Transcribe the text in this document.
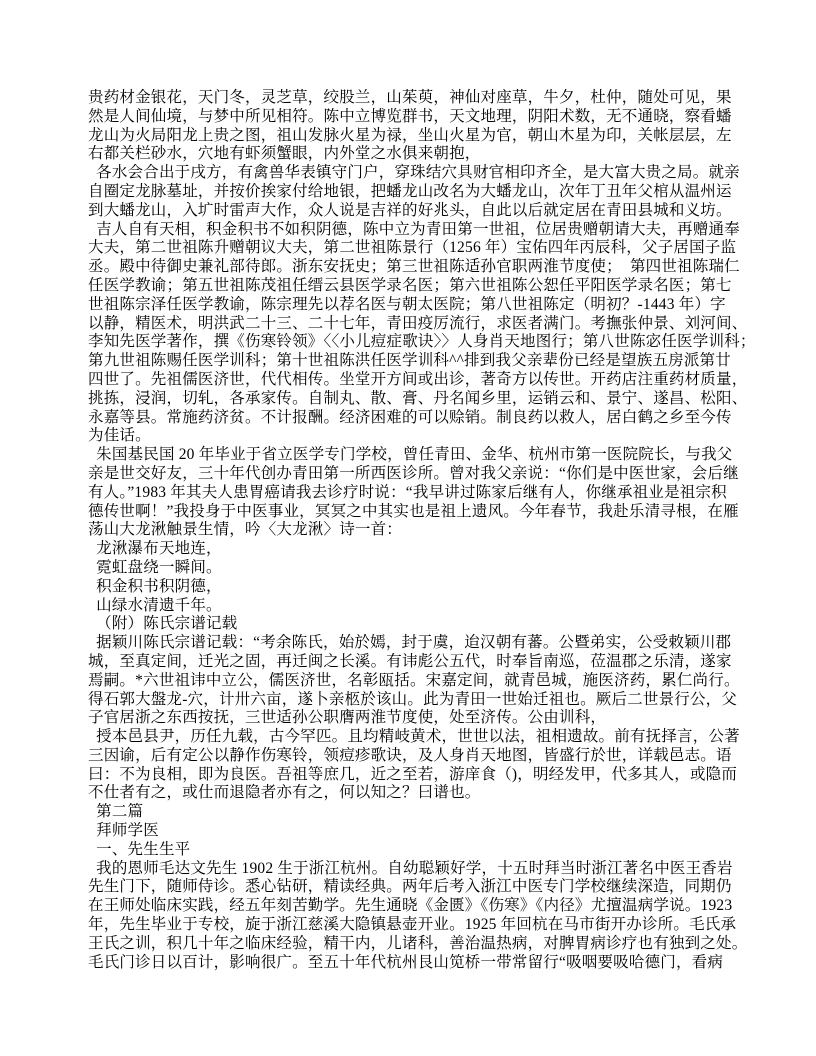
贵药材金银花，天门冬，灵芝草，绞股兰，山茱萸，神仙对座草，牛夕，杜仲，随处可见，果
然是人间仙境，与梦中所见相符。陈中立博览群书，天文地理，阴阳术数，无不通晓，察看蟠
龙山为火局阳龙上贵之图，祖山发脉火星为禄，坐山火星为官，朝山木星为印，关帐层层，左
右都关栏砂水，穴地有虾须蟹眼，内外堂之水俱来朝抱，
各水会合出于戌方，有禽兽华表镇守门户，穿珠结穴具财官相印齐全，是大富大贵之局。就亲
自圈定龙脉墓址，并按价挨家付给地银，把蟠龙山改名为大蟠龙山，次年丁丑年父棺从温州运
到大蟠龙山，入圹时雷声大作，众人说是吉祥的好兆头，自此以后就定居在青田县城和义坊。
吉人自有天相，积金积书不如积阴德，陈中立为青田第一世祖，位居贵赠朝请大夫，再赠通奉
大夫，第二世祖陈升赠朝议大夫，第二世祖陈景行（1256 年）宝佑四年丙辰科，父子居国子监
丞。殿中待御史兼礼部待郎。浙东安抚史；第三世祖陈适孙官职两淮节度使；  第四世祖陈瑞仁
任医学教谕；第五世祖陈茂祖任缙云县医学录名医；第六世祖陈公恕任平阳医学录名医；第七
世祖陈宗泽任医学教谕，陈宗理先以荐名医与朝太医院；第八世祖陈定（明初？-1443 年）字
以静，精医术，明洪武二十三、二十七年，青田疫厉流行，求医者满门。考撫张仲景、刘河间、
李知先医学著作，撰《伤寒铃领》〈〈小儿痘症歌诀〉〉人身肖天地图行；第八世陈宓任医学训科；
第九世祖陈赐任医学训科；第十世祖陈洪任医学训科^^排到我父亲辈份已经是望族五房派第廿
四世了。先祖儒医济世，代代相传。坐堂开方间或出诊，著奇方以传世。开药店注重药材质量，
挑拣，浸润，切轧，各承家传。自制丸、散、膏、丹名闻乡里，运销云和、景宁、遂昌、松阳、
永嘉等县。常施药济贫。不计报酬。经济困难的可以赊销。制良药以救人，居白鹤之乡至今传
为佳话。
朱国基民国 20 年毕业于省立医学专门学校，曾任青田、金华、杭州市第一医院院长，与我父
亲是世交好友，三十年代创办青田第一所西医诊所。曾对我父亲说：“你们是中医世家，会后继
有人。”1983 年其夫人患胃癌请我去诊疗时说：“我早讲过陈家后继有人，你继承祖业是祖宗积
德传世啊！”我投身于中医事业，冥冥之中其实也是祖上遗风。今年春节，我赴乐清寻根，在雁
荡山大龙湫触景生情，吟〈大龙湫〉诗一首：
龙湫瀑布天地连，
霓虹盘绕一瞬间。
积金积书积阴德，
山绿水清遗千年。
（附）陈氏宗谱记载
据颖川陈氏宗谱记载：“考余陈氏，始於嫣，封于虞，迨汉朝有蕃。公暨弟实，公受敕颖川郡
城，至真定间，迁光之固，再迁闽之长溪。有讳彪公五代，时奉旨南巡，莅温郡之乐清，遂家
焉嗣。*六世祖讳中立公，儒医济世，名彰瓯括。宋嘉定间，就青邑城，施医济药，累仁尚行。
得石郭大盤龙-穴，计卅六亩，遂卜亲柩於该山。此为青田一世始迁祖也。厥后二世景行公，父
子官居浙之东西按抚，三世适孙公职膺两淮节度使，处至济传。公由训科，
授本邑县尹，历任九载，古今罕匹。且均精岐黄术，世世以法，祖相遗故。前有抚择言，公著
三因谕，后有定公以静作伤寒铃，领痘疹歌诀，及人身肖天地图，皆盛行於世，详载邑志。语
曰：不为良相，即为良医。吾祖等庶几，近之至若，游庠食（)，明经发甲，代多其人，或隐而
不仕者有之，或仕而退隐者亦有之，何以知之？曰谱也。
第二篇
拜师学医
一、先生生平
我的恩师毛达文先生 1902 生于浙江杭州。自幼聪颖好学，十五时拜当时浙江著名中医王香岩
先生门下，随师侍诊。悉心钻研，精读经典。两年后考入浙江中医专门学校继续深造，同期仍
在王师处临床实践，经五年刻苦勤学。先生通晓《金匮》《伤寒》《内径》尤擅温病学说。1923
年，先生毕业于专校，旋于浙江慈溪大隐镇悬壶开业。1925 年回杭在马市街开办诊所。毛氏承
王氏之训，积几十年之临床经验，精干内，儿诸科，善治温热病，对脾胃病诊疗也有独到之处。
毛氏门诊日以百计，影响很广。至五十年代杭州艮山笕桥一带常留行“吸咽要吸哈德门，看病
